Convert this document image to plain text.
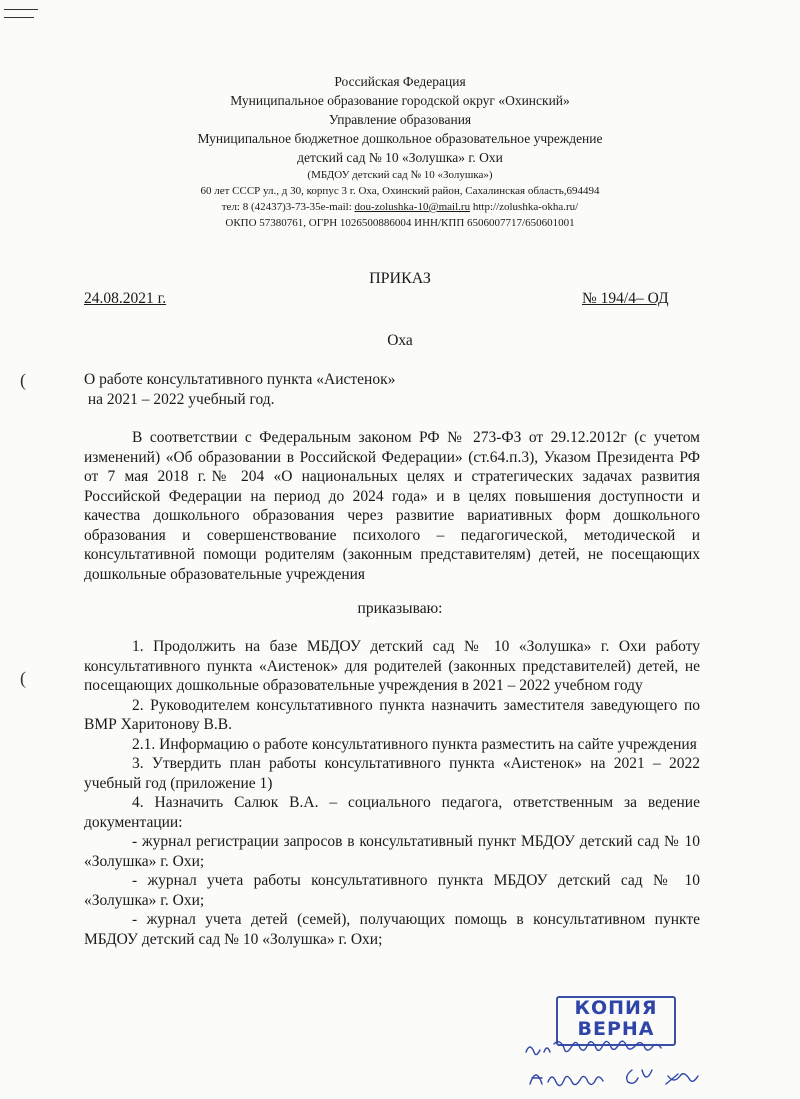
(
(
Российская Федерация
Муниципальное образование городской округ «Охинский»
Управление образования
Муниципальное бюджетное дошкольное образовательное учреждение
детский сад № 10 «Золушка» г. Охи
(МБДОУ детский сад № 10 «Золушка»)
60 лет СССР ул., д 30, корпус 3 г. Оха, Охинский район, Сахалинская область,694494
тел: 8 (42437)3-73-35e-mail: dou-zolushka-10@mail.ru http://zolushka-okha.ru/
ОКПО 57380761, ОГРН 1026500886004 ИНН/КПП 6506007717/650601001
ПРИКАЗ
24.08.2021 г.	№ 194/4– ОД
Оха
О работе консультативного пункта «Аистенок»
на 2021 – 2022 учебный год.

В соответствии с Федеральным законом РФ № 273-ФЗ от 29.12.2012г (с учетом изменений) «Об образовании в Российской Федерации» (ст.64.п.3), Указом Президента РФ от 7 мая 2018 г.№ 204 «О национальных целях и стратегических задачах развития Российской Федерации на период до 2024 года» и в целях повышения доступности и качества дошкольного образования через развитие вариативных форм дошкольного образования и совершенствование психолого – педагогической, методической и консультативной помощи родителям (законным представителям) детей, не посещающих дошкольные образовательные учреждения

приказываю:

1. Продолжить на базе МБДОУ детский сад № 10 «Золушка» г. Охи работу консультативного пункта «Аистенок» для родителей (законных представителей) детей, не посещающих дошкольные образовательные учреждения в 2021 – 2022 учебном году

2. Руководителем консультативного пункта назначить заместителя заведующего по ВМР Харитонову В.В.

2.1. Информацию о работе консультативного пункта разместить на сайте учреждения

3. Утвердить план работы консультативного пункта «Аистенок» на 2021 – 2022 учебный год (приложение 1)

4. Назначить Салюк В.А. – социального педагога, ответственным за ведение документации:

- журнал регистрации запросов в консультативный пункт МБДОУ детский сад № 10 «Золушка» г. Охи;

- журнал учета работы консультативного пункта МБДОУ детский сад № 10 «Золушка» г. Охи;

- журнал учета детей (семей), получающих помощь в консультативном пункте МБДОУ детский сад № 10 «Золушка» г. Охи;

КОПИЯ
ВЕРНА
